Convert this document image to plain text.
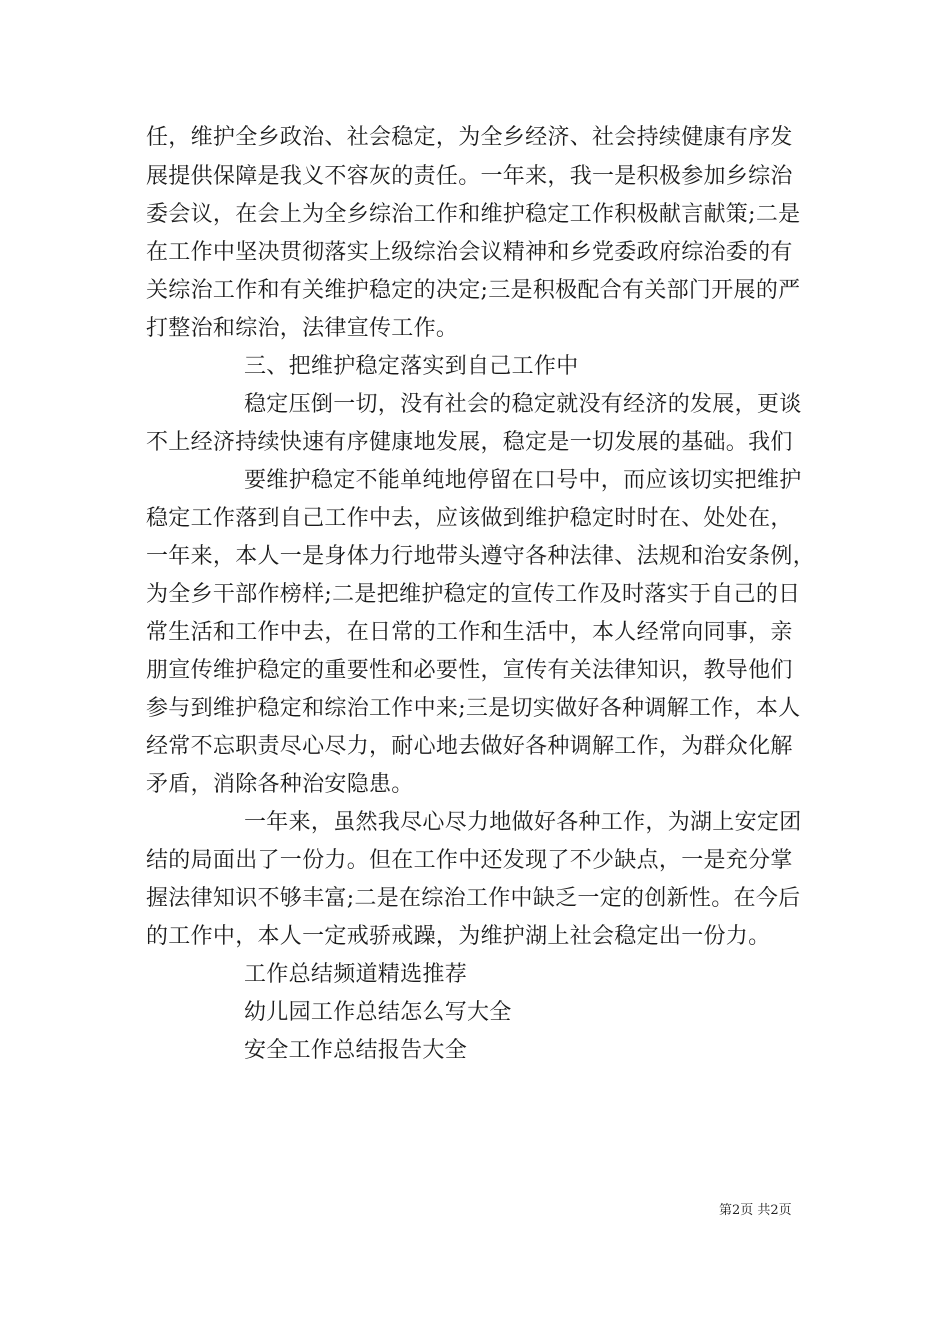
任，维护全乡政治、社会稳定，为全乡经济、社会持续健康有序发
展提供保障是我义不容灰的责任。一年来，我一是积极参加乡综治
委会议，在会上为全乡综治工作和维护稳定工作积极献言献策;二是
在工作中坚决贯彻落实上级综治会议精神和乡党委政府综治委的有
关综治工作和有关维护稳定的决定;三是积极配合有关部门开展的严
打整治和综治，法律宣传工作。
三、把维护稳定落实到自己工作中
稳定压倒一切，没有社会的稳定就没有经济的发展，更谈
不上经济持续快速有序健康地发展，稳定是一切发展的基础。我们
要维护稳定不能单纯地停留在口号中，而应该切实把维护
稳定工作落到自己工作中去，应该做到维护稳定时时在、处处在，
一年来，本人一是身体力行地带头遵守各种法律、法规和治安条例，
为全乡干部作榜样;二是把维护稳定的宣传工作及时落实于自己的日
常生活和工作中去，在日常的工作和生活中，本人经常向同事，亲
朋宣传维护稳定的重要性和必要性，宣传有关法律知识，教导他们
参与到维护稳定和综治工作中来;三是切实做好各种调解工作，本人
经常不忘职责尽心尽力，耐心地去做好各种调解工作，为群众化解
矛盾，消除各种治安隐患。
一年来，虽然我尽心尽力地做好各种工作，为湖上安定团
结的局面出了一份力。但在工作中还发现了不少缺点，一是充分掌
握法律知识不够丰富;二是在综治工作中缺乏一定的创新性。在今后
的工作中，本人一定戒骄戒躁，为维护湖上社会稳定出一份力。
工作总结频道精选推荐
幼儿园工作总结怎么写大全
安全工作总结报告大全
第2页 共2页
